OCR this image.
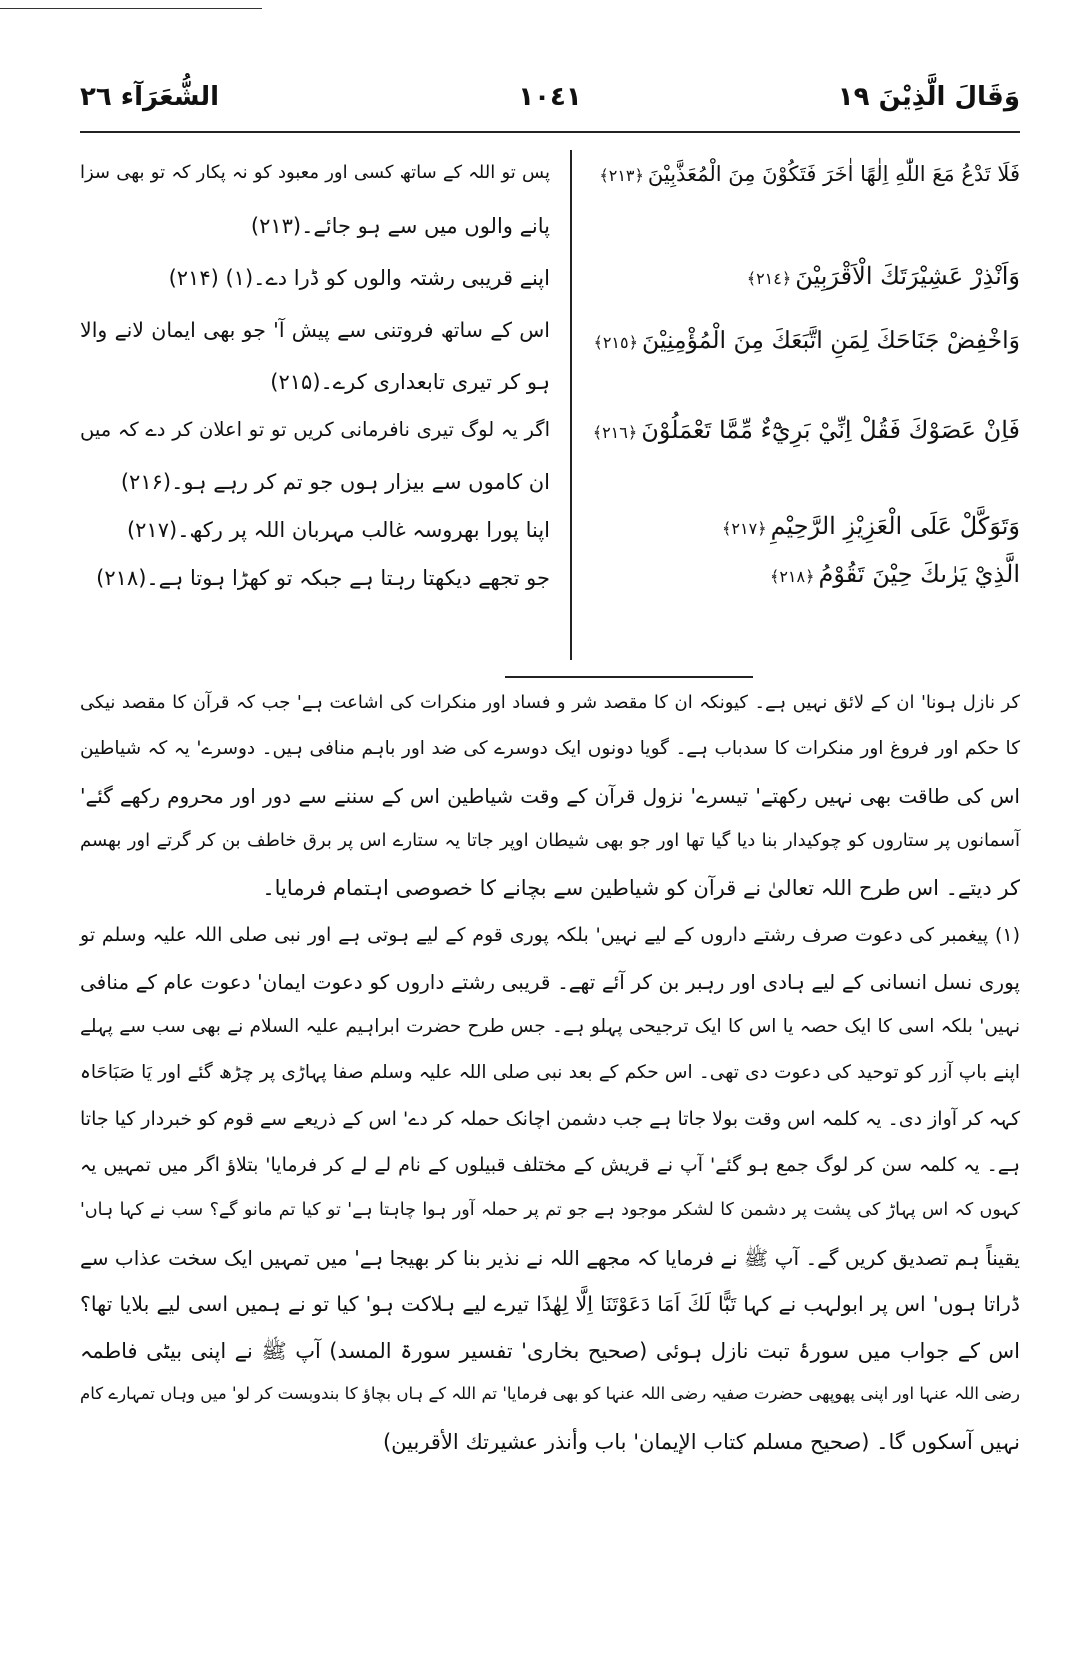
وَقَالَ الَّذِيْنَ ١٩
١٠٤١
الشُّعَرَآء ٢٦
فَلَا تَدْعُ مَعَ اللّٰهِ اِلٰهًا اٰخَرَ فَتَكُوْنَ مِنَ الْمُعَذَّبِيْنَ﴿٢١٣﴾
وَاَنْذِرْ عَشِيْرَتَكَ الْاَقْرَبِيْنَ﴿٢١٤﴾
وَاخْفِضْ جَنَاحَكَ لِمَنِ اتَّبَعَكَ مِنَ الْمُؤْمِنِيْنَ﴿٢١٥﴾
فَاِنْ عَصَوْكَ فَقُلْ اِنِّيْ بَرِيْٓءٌ مِّمَّا تَعْمَلُوْنَ﴿٢١٦﴾
وَتَوَكَّلْ عَلَى الْعَزِيْزِ الرَّحِيْمِ﴿٢١٧﴾
الَّذِيْ يَرٰىكَ حِيْنَ تَقُوْمُ﴿٢١٨﴾
پس تو اللہ کے ساتھ کسی اور معبود کو نہ پکار کہ تو بھی سزا
پانے والوں میں سے ہو جائے۔(۲۱۳)
اپنے قریبی رشتہ والوں کو ڈرا دے۔(۱) (۲۱۴)
اس کے ساتھ فروتنی سے پیش آ' جو بھی ایمان لانے والا
ہو کر تیری تابعداری کرے۔(۲۱۵)
اگر یہ لوگ تیری نافرمانی کریں تو تو اعلان کر دے کہ میں
ان کاموں سے بیزار ہوں جو تم کر رہے ہو۔(۲۱۶)
اپنا پورا بھروسہ غالب مہربان اللہ پر رکھ۔(۲۱۷)
جو تجھے دیکھتا رہتا ہے جبکہ تو کھڑا ہوتا ہے۔(۲۱۸)
کر نازل ہونا' ان کے لائق نہیں ہے۔ کیونکہ ان کا مقصد شر و فساد اور منکرات کی اشاعت ہے' جب کہ قرآن کا مقصد نیکی
کا حکم اور فروغ اور منکرات کا سدباب ہے۔ گویا دونوں ایک دوسرے کی ضد اور باہم منافی ہیں۔ دوسرے' یہ کہ شیاطین
اس کی طاقت بھی نہیں رکھتے' تیسرے' نزول قرآن کے وقت شیاطین اس کے سننے سے دور اور محروم رکھے گئے'
آسمانوں پر ستاروں کو چوکیدار بنا دیا گیا تھا اور جو بھی شیطان اوپر جاتا یہ ستارے اس پر برق خاطف بن کر گرتے اور بھسم
کر دیتے۔ اس طرح اللہ تعالیٰ نے قرآن کو شیاطین سے بچانے کا خصوصی اہتمام فرمایا۔
(۱) پیغمبر کی دعوت صرف رشتے داروں کے لیے نہیں' بلکہ پوری قوم کے لیے ہوتی ہے اور نبی صلی اللہ علیہ وسلم تو
پوری نسل انسانی کے لیے ہادی اور رہبر بن کر آئے تھے۔ قریبی رشتے داروں کو دعوت ایمان' دعوت عام کے منافی
نہیں' بلکہ اسی کا ایک حصہ یا اس کا ایک ترجیحی پہلو ہے۔ جس طرح حضرت ابراہیم علیہ السلام نے بھی سب سے پہلے
اپنے باپ آزر کو توحید کی دعوت دی تھی۔ اس حکم کے بعد نبی صلی اللہ علیہ وسلم صفا پہاڑی پر چڑھ گئے اور یَا صَبَاحَاہ
کہہ کر آواز دی۔ یہ کلمہ اس وقت بولا جاتا ہے جب دشمن اچانک حملہ کر دے' اس کے ذریعے سے قوم کو خبردار کیا جاتا
ہے۔ یہ کلمہ سن کر لوگ جمع ہو گئے' آپ نے قریش کے مختلف قبیلوں کے نام لے لے کر فرمایا' بتلاؤ اگر میں تمہیں یہ
کہوں کہ اس پہاڑ کی پشت پر دشمن کا لشکر موجود ہے جو تم پر حملہ آور ہوا چاہتا ہے' تو کیا تم مانو گے؟ سب نے کہا ہاں'
یقیناً ہم تصدیق کریں گے۔ آپ ﷺ نے فرمایا کہ مجھے اللہ نے نذیر بنا کر بھیجا ہے' میں تمہیں ایک سخت عذاب سے
ڈراتا ہوں' اس پر ابولہب نے کہا تَبًّا لَكَ اَمَا دَعَوْتَنَا اِلَّا لِهٰذَا تیرے لیے ہلاکت ہو' کیا تو نے ہمیں اسی لیے بلایا تھا؟
اس کے جواب میں سورۂ تبت نازل ہوئی (صحیح بخاری' تفسیر سورۃ المسد) آپ ﷺ نے اپنی بیٹی فاطمہ
رضی اللہ عنہا اور اپنی پھوپھی حضرت صفیہ رضی اللہ عنہا کو بھی فرمایا' تم اللہ کے ہاں بچاؤ کا بندوبست کر لو' میں وہاں تمہارے کام
نہیں آسکوں گا۔ (صحیح مسلم کتاب الإیمان' باب وأنذر عشیرتك الأقربین)
